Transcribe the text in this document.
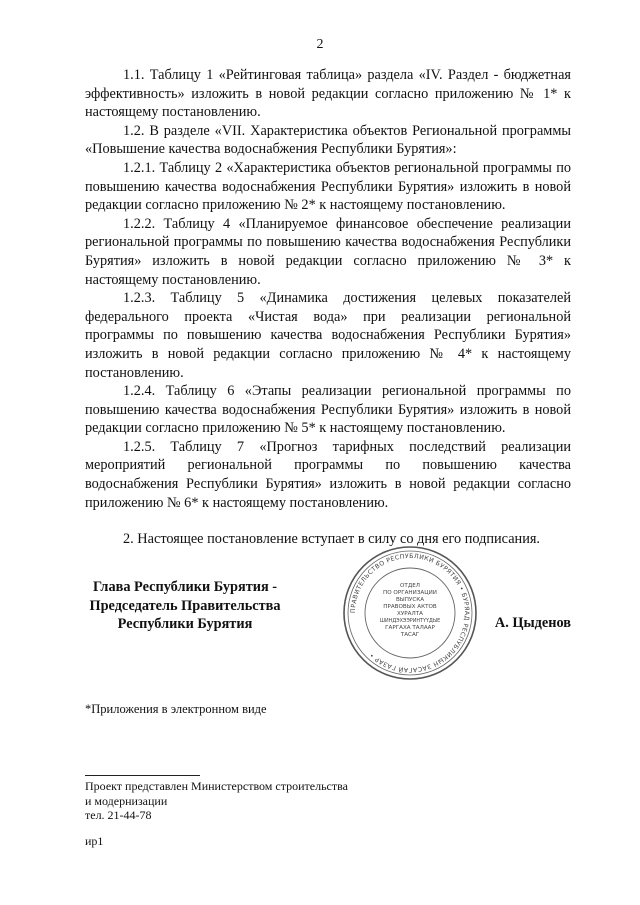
2

1.1. Таблицу 1 «Рейтинговая таблица» раздела «IV. Раздел - бюджетная эффективность» изложить в новой редакции согласно приложению № 1* к настоящему постановлению.

1.2. В разделе «VII. Характеристика объектов Региональной программы «Повышение качества водоснабжения Республики Бурятия»:

1.2.1. Таблицу 2 «Характеристика объектов региональной программы по повышению качества водоснабжения Республики Бурятия» изложить в новой редакции согласно приложению № 2* к настоящему постановлению.

1.2.2. Таблицу 4 «Планируемое финансовое обеспечение реализации региональной программы по повышению качества водоснабжения Республики Бурятия» изложить в новой редакции согласно приложению № 3* к настоящему постановлению.

1.2.3. Таблицу 5 «Динамика достижения целевых показателей федерального проекта «Чистая вода» при реализации региональной программы по повышению качества водоснабжения Республики Бурятия» изложить в новой редакции согласно приложению № 4* к настоящему постановлению.

1.2.4. Таблицу 6 «Этапы реализации региональной программы по повышению качества водоснабжения Республики Бурятия» изложить в новой редакции согласно приложению № 5* к настоящему постановлению.

1.2.5. Таблицу 7 «Прогноз тарифных последствий реализации мероприятий региональной программы по повышению качества водоснабжения Республики Бурятия» изложить в новой редакции согласно приложению № 6* к настоящему постановлению.

2. Настоящее постановление вступает в силу со дня его подписания.

Глава Республики Бурятия -
Председатель Правительства
Республики Бурятия
ПРАВИТЕЛЬСТВО РЕСПУБЛИКИ БУРЯТИЯ • БУРЯАД РЕСПУБЛИКЫН ЗАСАГАЙ ГАЗАР •
ОТДЕЛ
ПО ОРГАНИЗАЦИИ
ВЫПУСКА
ПРАВОВЫХ АКТОВ
ХУРАЛТА
ШИНДЭХЭЭРИНТҮҮДЫЕ
ГАРГАХА ТАЛААР
ТАСАГ
А. Цыденов
*Приложения в электронном виде
Проект представлен Министерством строительства
и модернизации
тел. 21-44-78
ир1
